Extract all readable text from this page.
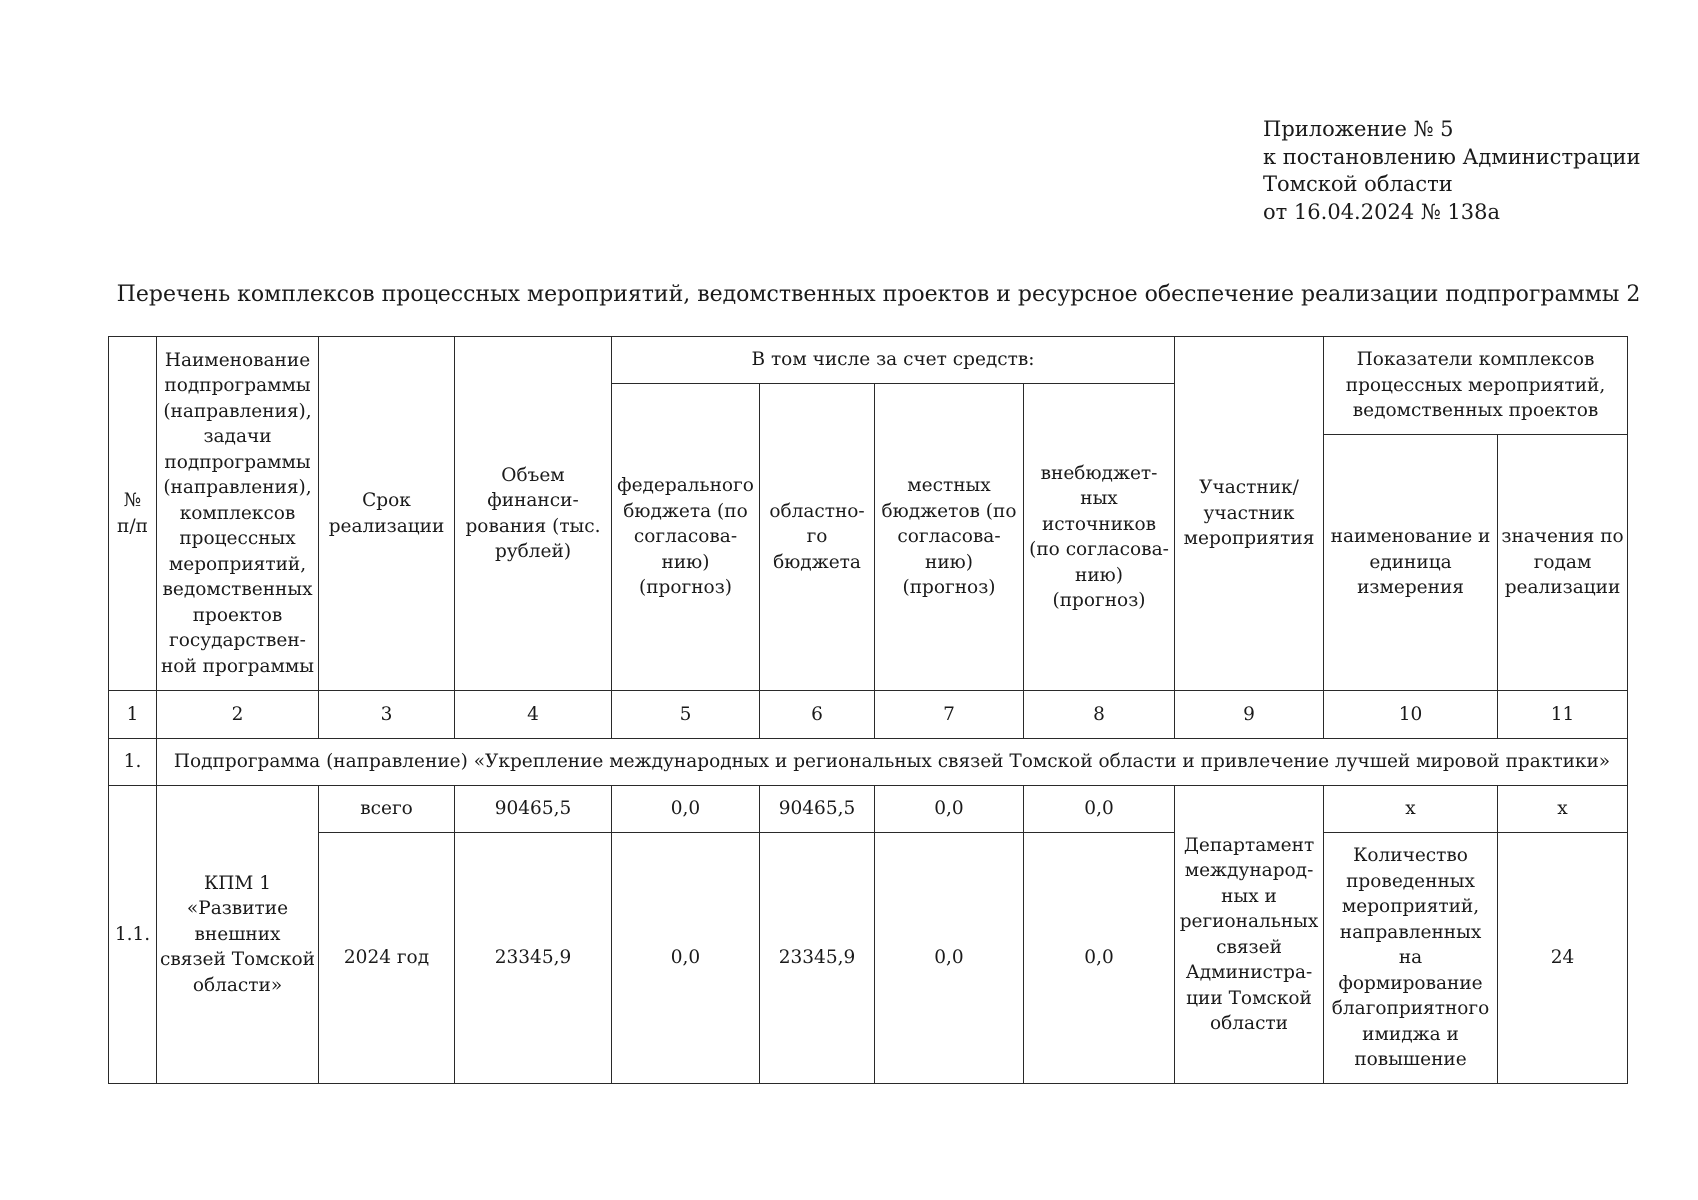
Приложение № 5
к постановлению Администрации
Томской области
от 16.04.2024 № 138а
Перечень комплексов процессных мероприятий, ведомственных проектов и ресурсное обеспечение реализации подпрограммы 2
№ п/п	Наименование подпрограммы (направления), задачи подпрограммы (направления), комплексов процессных мероприятий, ведомственных проектов государствен-ной программы	Срок реализации	Объем финанси-рования (тыс. рублей)	В том числе за счет средств:				Участник/ участник мероприятия	Показатели комплексов процессных мероприятий, ведомственных проектов	
				федерального бюджета (по согласова-нию) (прогноз)	областно-го бюджета	местных бюджетов (по согласова-нию) (прогноз)	внебюджет-ных источников (по согласова-нию) (прогноз)			
									наименование и единица измерения	значения по годам реализации
1	2	3	4	5	6	7	8	9	10	11
1.	Подпрограмма (направление) «Укрепление международных и региональных связей Томской области и привлечение лучшей мировой практики»									
1.1.	КПМ 1 «Развитие внешних связей Томской области»	всего	90465,5	0,0	90465,5	0,0	0,0	Департамент международ-ных и региональных связей Администра-ции Томской области	x	x
		2024 год	23345,9	0,0	23345,9	0,0	0,0		Количество проведенных мероприятий, направленных на формирование благоприятного имиджа и повышение	24
